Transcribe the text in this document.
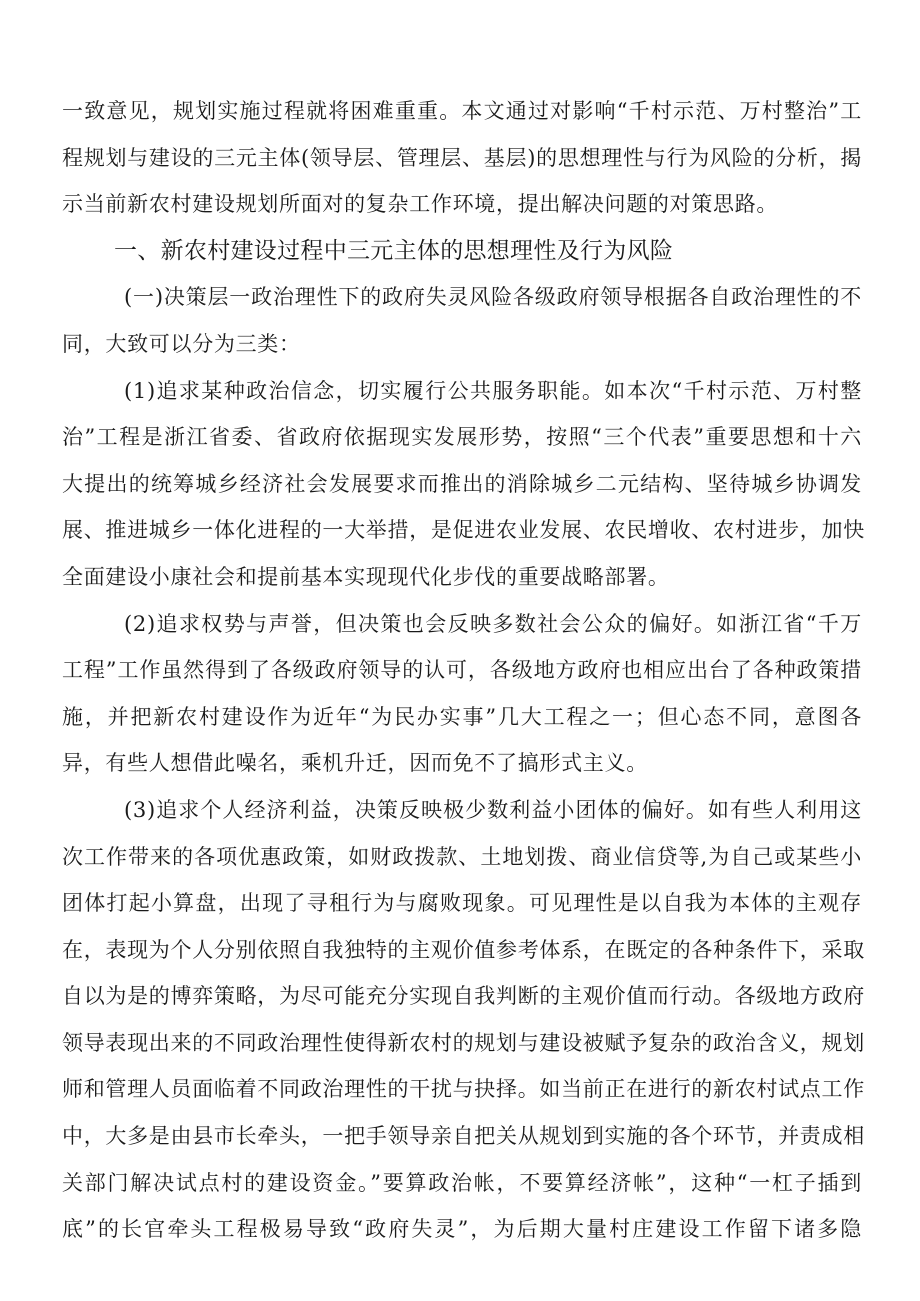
一致意见，规划实施过程就将困难重重。本文通过对影响“千村示范、万村整治”工
程规划与建设的三元主体(领导层、管理层、基层)的思想理性与行为风险的分析，揭
示当前新农村建设规划所面对的复杂工作环境，提出解决问题的对策思路。
一、新农村建设过程中三元主体的思想理性及行为风险
(一)决策层一政治理性下的政府失灵风险各级政府领导根据各自政治理性的不
同，大致可以分为三类：
(1)追求某种政治信念，切实履行公共服务职能。如本次“千村示范、万村整
治”工程是浙江省委、省政府依据现实发展形势，按照“三个代表”重要思想和十六
大提出的统筹城乡经济社会发展要求而推出的消除城乡二元结构、坚待城乡协调发
展、推进城乡一体化进程的一大举措，是促进农业发展、农民增收、农村进步，加快
全面建设小康社会和提前基本实现现代化步伐的重要战略部署。
(2)追求权势与声誉，但决策也会反映多数社会公众的偏好。如浙江省“千万
工程”工作虽然得到了各级政府领导的认可，各级地方政府也相应出台了各种政策措
施，并把新农村建设作为近年“为民办实事”几大工程之一；但心态不同，意图各
异，有些人想借此噪名，乘机升迁，因而免不了搞形式主义。
(3)追求个人经济利益，决策反映极少数利益小团体的偏好。如有些人利用这
次工作带来的各项优惠政策，如财政拨款、土地划拨、商业信贷等,为自己或某些小
团体打起小算盘，出现了寻租行为与腐败现象。可见理性是以自我为本体的主观存
在，表现为个人分别依照自我独特的主观价值参考体系，在既定的各种条件下，采取
自以为是的博弈策略，为尽可能充分实现自我判断的主观价值而行动。各级地方政府
领导表现出来的不同政治理性使得新农村的规划与建设被赋予复杂的政治含义，规划
师和管理人员面临着不同政治理性的干扰与抉择。如当前正在进行的新农村试点工作
中，大多是由县市长牵头，一把手领导亲自把关从规划到实施的各个环节，并责成相
关部门解决试点村的建设资金。”要算政治帐，不要算经济帐”，这种“一杠子插到
底”的长官牵头工程极易导致“政府失灵”，为后期大量村庄建设工作留下诸多隐
